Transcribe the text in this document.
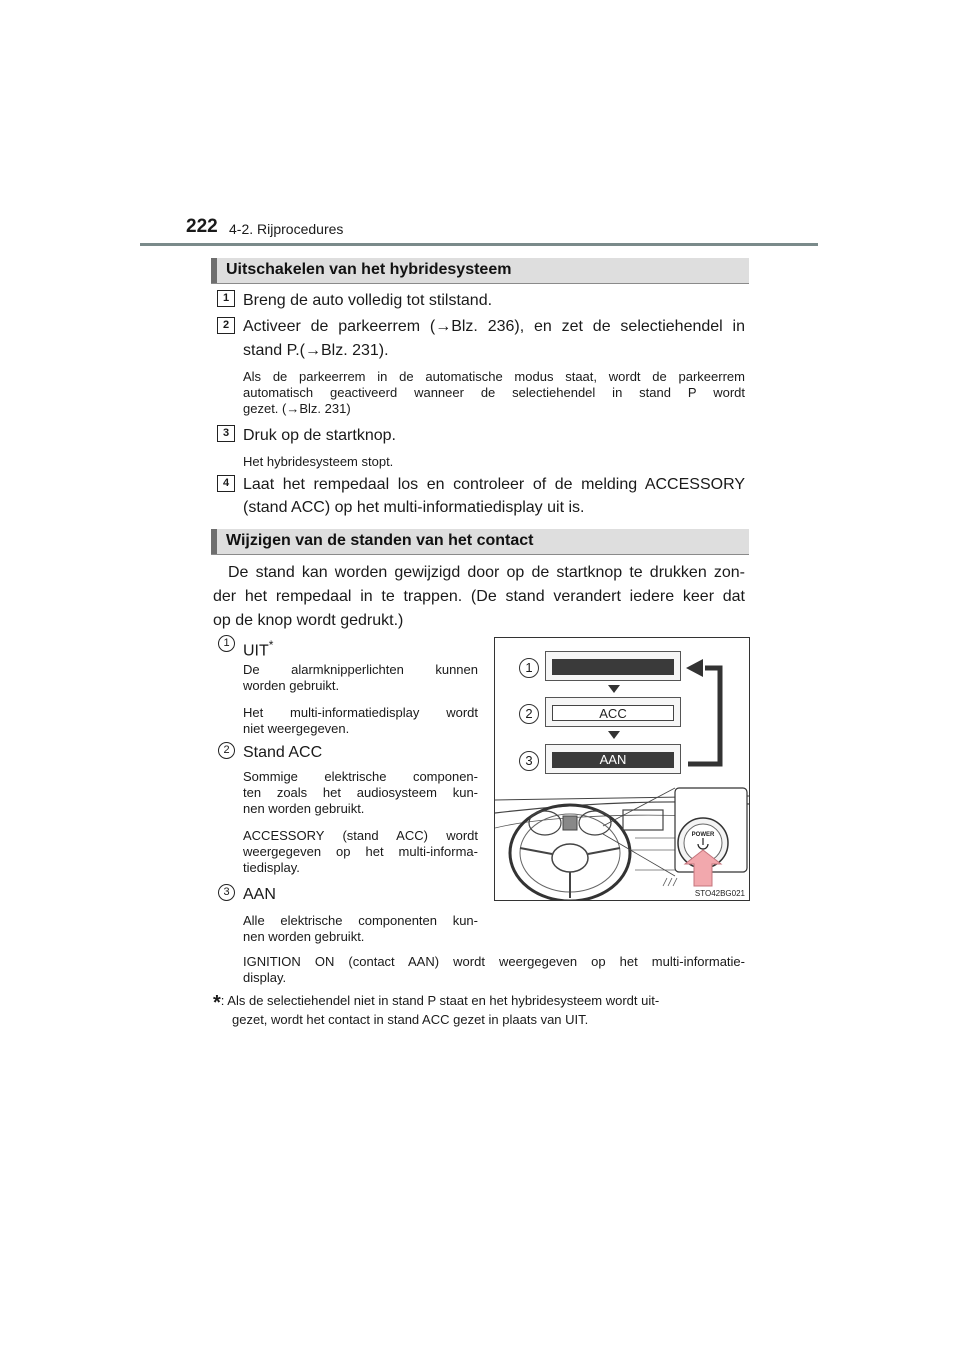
222 4-2. Rijprocedures
Uitschakelen van het hybridesysteem
1 Breng de auto volledig tot stilstand.
2 Activeer de parkeerrem (→Blz. 236), en zet de selectiehendel in
stand P.(→Blz. 231).
Als de parkeerrem in de automatische modus staat, wordt de parkeerrem
automatisch geactiveerd wanneer de selectiehendel in stand P wordt
gezet. (→Blz. 231)
3 Druk op de startknop.
Het hybridesysteem stopt.
4 Laat het rempedaal los en controleer of de melding ACCESSORY
(stand ACC) op het multi-informatiedisplay uit is.
Wijzigen van de standen van het contact
De stand kan worden gewijzigd door op de startknop te drukken zon-
der het rempedaal in te trappen. (De stand verandert iedere keer dat
op de knop wordt gedrukt.)
1 UIT*
De alarmknipperlichten kunnen
worden gebruikt.
Het multi-informatiedisplay wordt
niet weergegeven.
2 Stand ACC
Sommige elektrische componen-
ten zoals het audiosysteem kun-
nen worden gebruikt.
ACCESSORY (stand ACC) wordt
weergegeven op het multi-informa-
tiedisplay.
3 AAN
Alle elektrische componenten kun-
nen worden gebruikt.
IGNITION ON (contact AAN) wordt weergegeven op het multi-informatie-
display.
*: Als de selectiehendel niet in stand P staat en het hybridesysteem wordt uit-
gezet, wordt het contact in stand ACC gezet in plaats van UIT.
1
2
3
ACC
AAN
POWER
STO42BG021
